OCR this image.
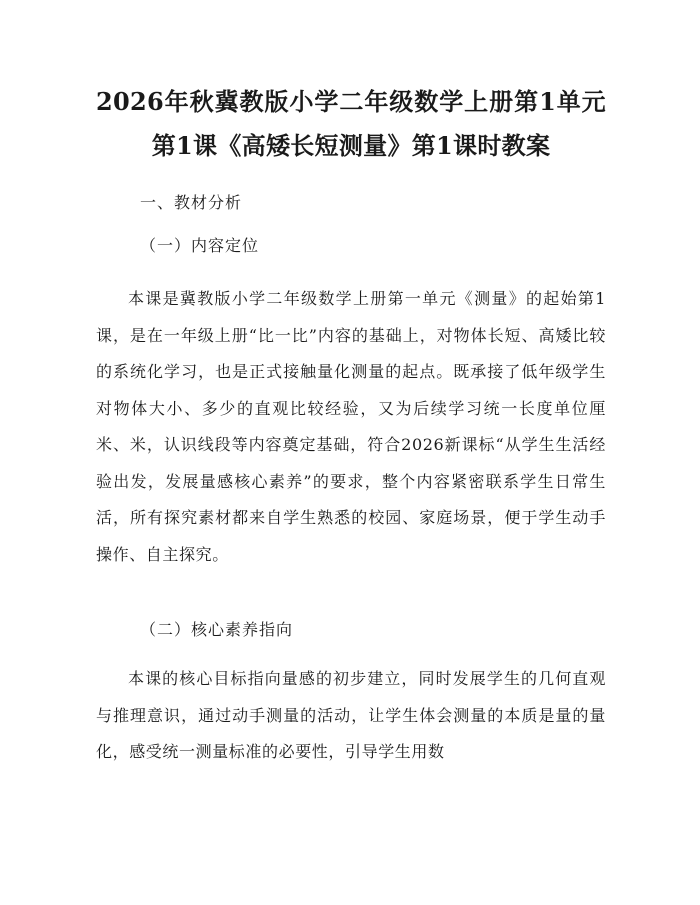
2026年秋冀教版小学二年级数学上册第1单元第1课《高矮长短测量》第1课时教案
一、教材分析
（一）内容定位

本课是冀教版小学二年级数学上册第一单元《测量》的起始第1课，是在一年级上册“比一比”内容的基础上，对物体长短、高矮比较的系统化学习，也是正式接触量化测量的起点。既承接了低年级学生对物体大小、多少的直观比较经验，又为后续学习统一长度单位厘米、米，认识线段等内容奠定基础，符合2026新课标“从学生生活经验出发，发展量感核心素养”的要求，整个内容紧密联系学生日常生活，所有探究素材都来自学生熟悉的校园、家庭场景，便于学生动手操作、自主探究。

（二）核心素养指向

本课的核心目标指向量感的初步建立，同时发展学生的几何直观与推理意识，通过动手测量的活动，让学生体会测量的本质是量的量化，感受统一测量标准的必要性，引导学生用数
